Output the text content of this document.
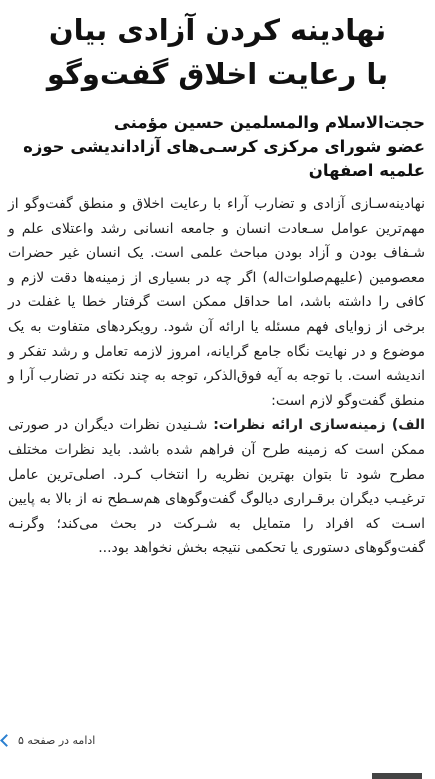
نهادینه کردن آزادی بیان
با رعایت اخلاق گفت‌وگو
حجت‌الاسلام والمسلمین حسین مؤمنی
عضو شورای مرکزی کرسـی‌های آزاداندیشی حوزه
علمیه اصفهان

نهادینه‌سـازی آزادی و تضارب آراء با رعایت اخلاق و منطق گفت‌وگو از مهم‌ترین عوامل سـعادت انسان و جامعه انسانی رشد واعتلای علم و شـفاف بودن و آزاد بودن مباحث علمی است. یک انسان غیر حضرات معصومین (علیهم‌صلوات‌اله) اگر چه در بسیاری از زمینه‌ها دقت لازم و کافی را داشته باشد، اما حداقل ممکن است گرفتار خطا یا غفلت در برخی از زوایای فهم مسئله یا ارائه آن شود. رویکردهای متفاوت به یک موضوع و در نهایت نگاه جامع گرایانه، امروز لازمه تعامل و رشد تفکر و اندیشه است. با توجه به آیه فوق‌الذکر، توجه به چند نکته در تضارب آرا و منطق گفت‌وگو لازم است:

الف) زمینه‌سازی ارائه نظرات: شـنیدن نظرات دیگران در صورتی ممکن است که زمینه طرح آن فراهم شده باشد. باید نظرات مختلف مطرح شود تا بتوان بهترین نظریه را انتخاب کـرد. اصلی‌ترین عامل ترغیـب دیگران برقـراری دیالوگ گفت‌وگوهای هم‌سـطح نه از بالا به پایین اسـت که افراد را متمایل به شـرکت در بحث می‌کند؛ وگرنـه گفت‌وگوهای دستوری یا تحکمی نتیجه بخش نخواهد بود...

ادامه در صفحه ۵
